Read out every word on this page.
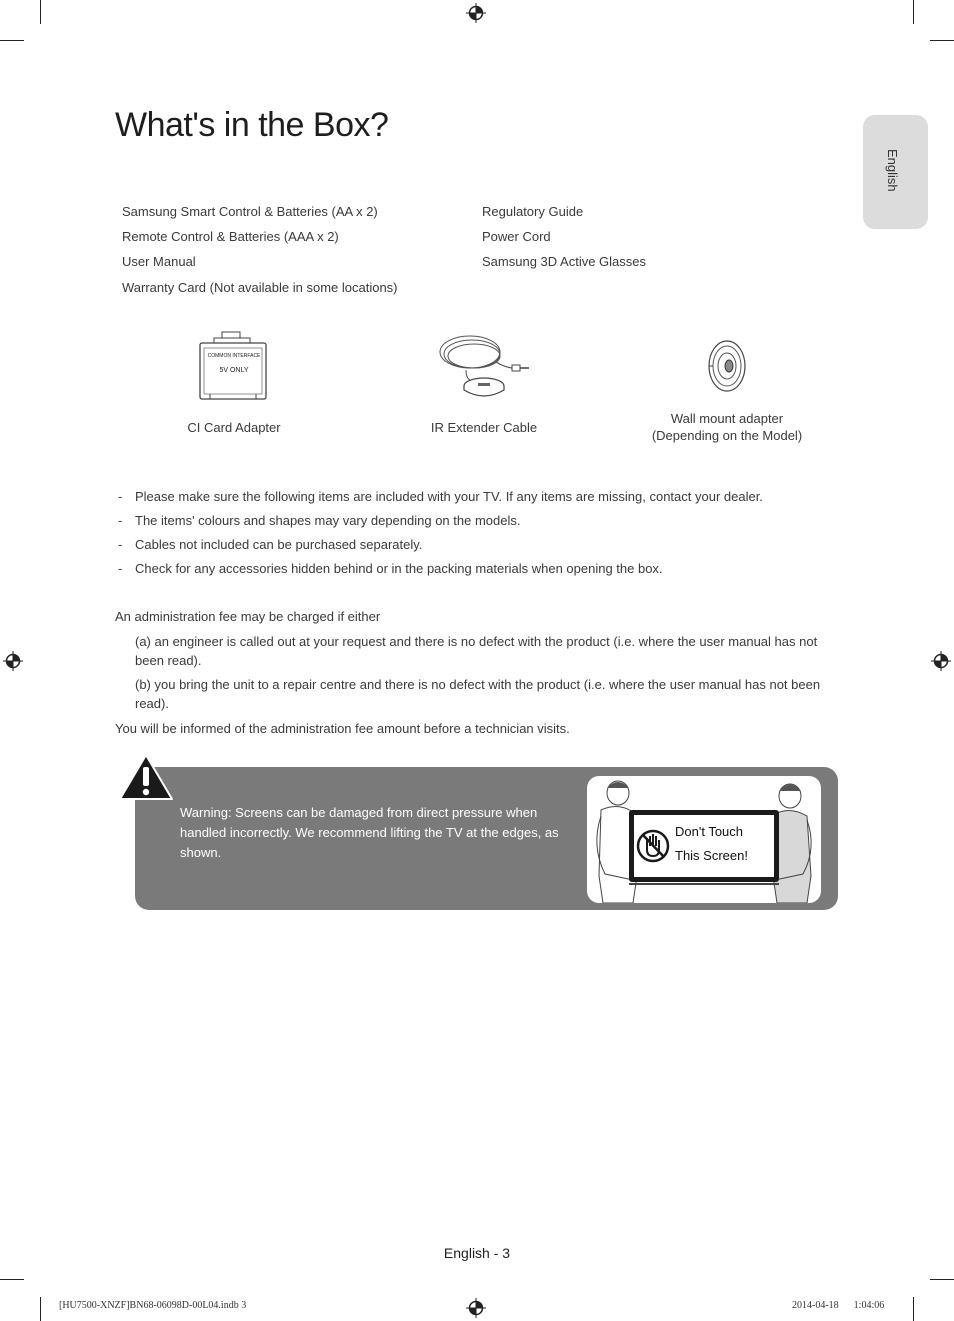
What's in the Box?
English
Samsung Smart Control & Batteries (AA x 2)
Remote Control & Batteries (AAA x 2)
User Manual
Warranty Card (Not available in some locations)
Regulatory Guide
Power Cord
Samsung 3D Active Glasses
COMMON INTERFACE
5V ONLY
CI Card Adapter	IR Extender Cable
Wall mount adapter
(Depending on the Model)
- Please make sure the following items are included with your TV. If any items are missing, contact your dealer.
- The items' colours and shapes may vary depending on the models.
- Cables not included can be purchased separately.
- Check for any accessories hidden behind or in the packing materials when opening the box.
An administration fee may be charged if either
(a) an engineer is called out at your request and there is no defect with the product (i.e. where the user manual has not been read).
(b) you bring the unit to a repair centre and there is no defect with the product (i.e. where the user manual has not been read).
You will be informed of the administration fee amount before a technician visits.
Warning: Screens can be damaged from direct pressure when handled incorrectly. We recommend lifting the TV at the edges, as shown.
Don't Touch
This Screen!
English - 3
[HU7500-XNZF]BN68-06098D-00L04.indb 3	2014-04-18   1:04:06
